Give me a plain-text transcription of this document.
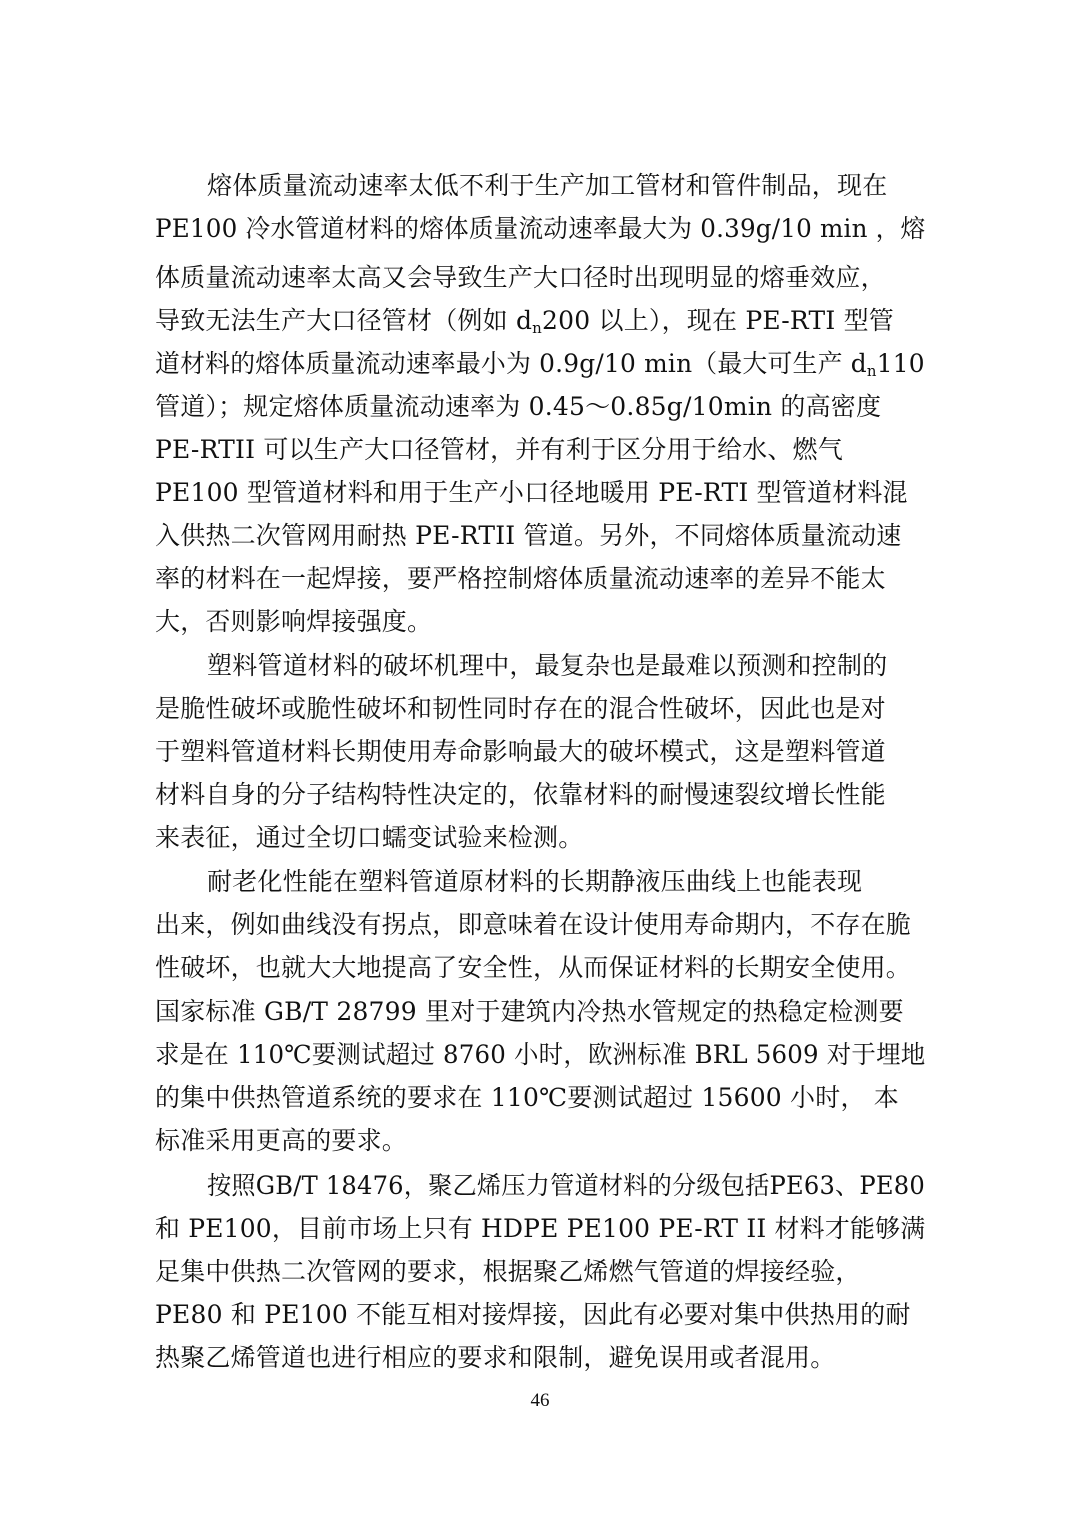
熔体质量流动速率太低不利于生产加工管材和管件制品，现在
PE100 冷水管道材料的熔体质量流动速率最大为 0.39g/10 min ，熔
体质量流动速率太高又会导致生产大口径时出现明显的熔垂效应，
导致无法生产大口径管材（例如 $d_n200$ 以上），现在 PE-RTI 型管
道材料的熔体质量流动速率最小为 0.9g/10 min（最大可生产 $d_n110$
管道）；规定熔体质量流动速率为 0.45～0.85g/10min 的高密度
PE-RTII 可以生产大口径管材，并有利于区分用于给水、燃气
PE100 型管道材料和用于生产小口径地暖用 PE-RTI 型管道材料混
入供热二次管网用耐热 PE-RTII 管道。另外，不同熔体质量流动速
率的材料在一起焊接，要严格控制熔体质量流动速率的差异不能太
大，否则影响焊接强度。
塑料管道材料的破坏机理中，最复杂也是最难以预测和控制的
是脆性破坏或脆性破坏和韧性同时存在的混合性破坏，因此也是对
于塑料管道材料长期使用寿命影响最大的破坏模式，这是塑料管道
材料自身的分子结构特性决定的，依靠材料的耐慢速裂纹增长性能
来表征，通过全切口蠕变试验来检测。
耐老化性能在塑料管道原材料的长期静液压曲线上也能表现
出来，例如曲线没有拐点，即意味着在设计使用寿命期内，不存在脆
性破坏，也就大大地提高了安全性，从而保证材料的长期安全使用。
国家标准 GB/T 28799 里对于建筑内冷热水管规定的热稳定检测要
求是在 110℃要测试超过 8760 小时，欧洲标准 BRL 5609 对于埋地
的集中供热管道系统的要求在 110℃要测试超过 15600 小时， 本
标准采用更高的要求。
按照GB/T 18476，聚乙烯压力管道材料的分级包括PE63、PE80
和 PE100，目前市场上只有 HDPE PE100 PE-RT II 材料才能够满
足集中供热二次管网的要求，根据聚乙烯燃气管道的焊接经验，
PE80 和 PE100 不能互相对接焊接，因此有必要对集中供热用的耐
热聚乙烯管道也进行相应的要求和限制，避免误用或者混用。
46
